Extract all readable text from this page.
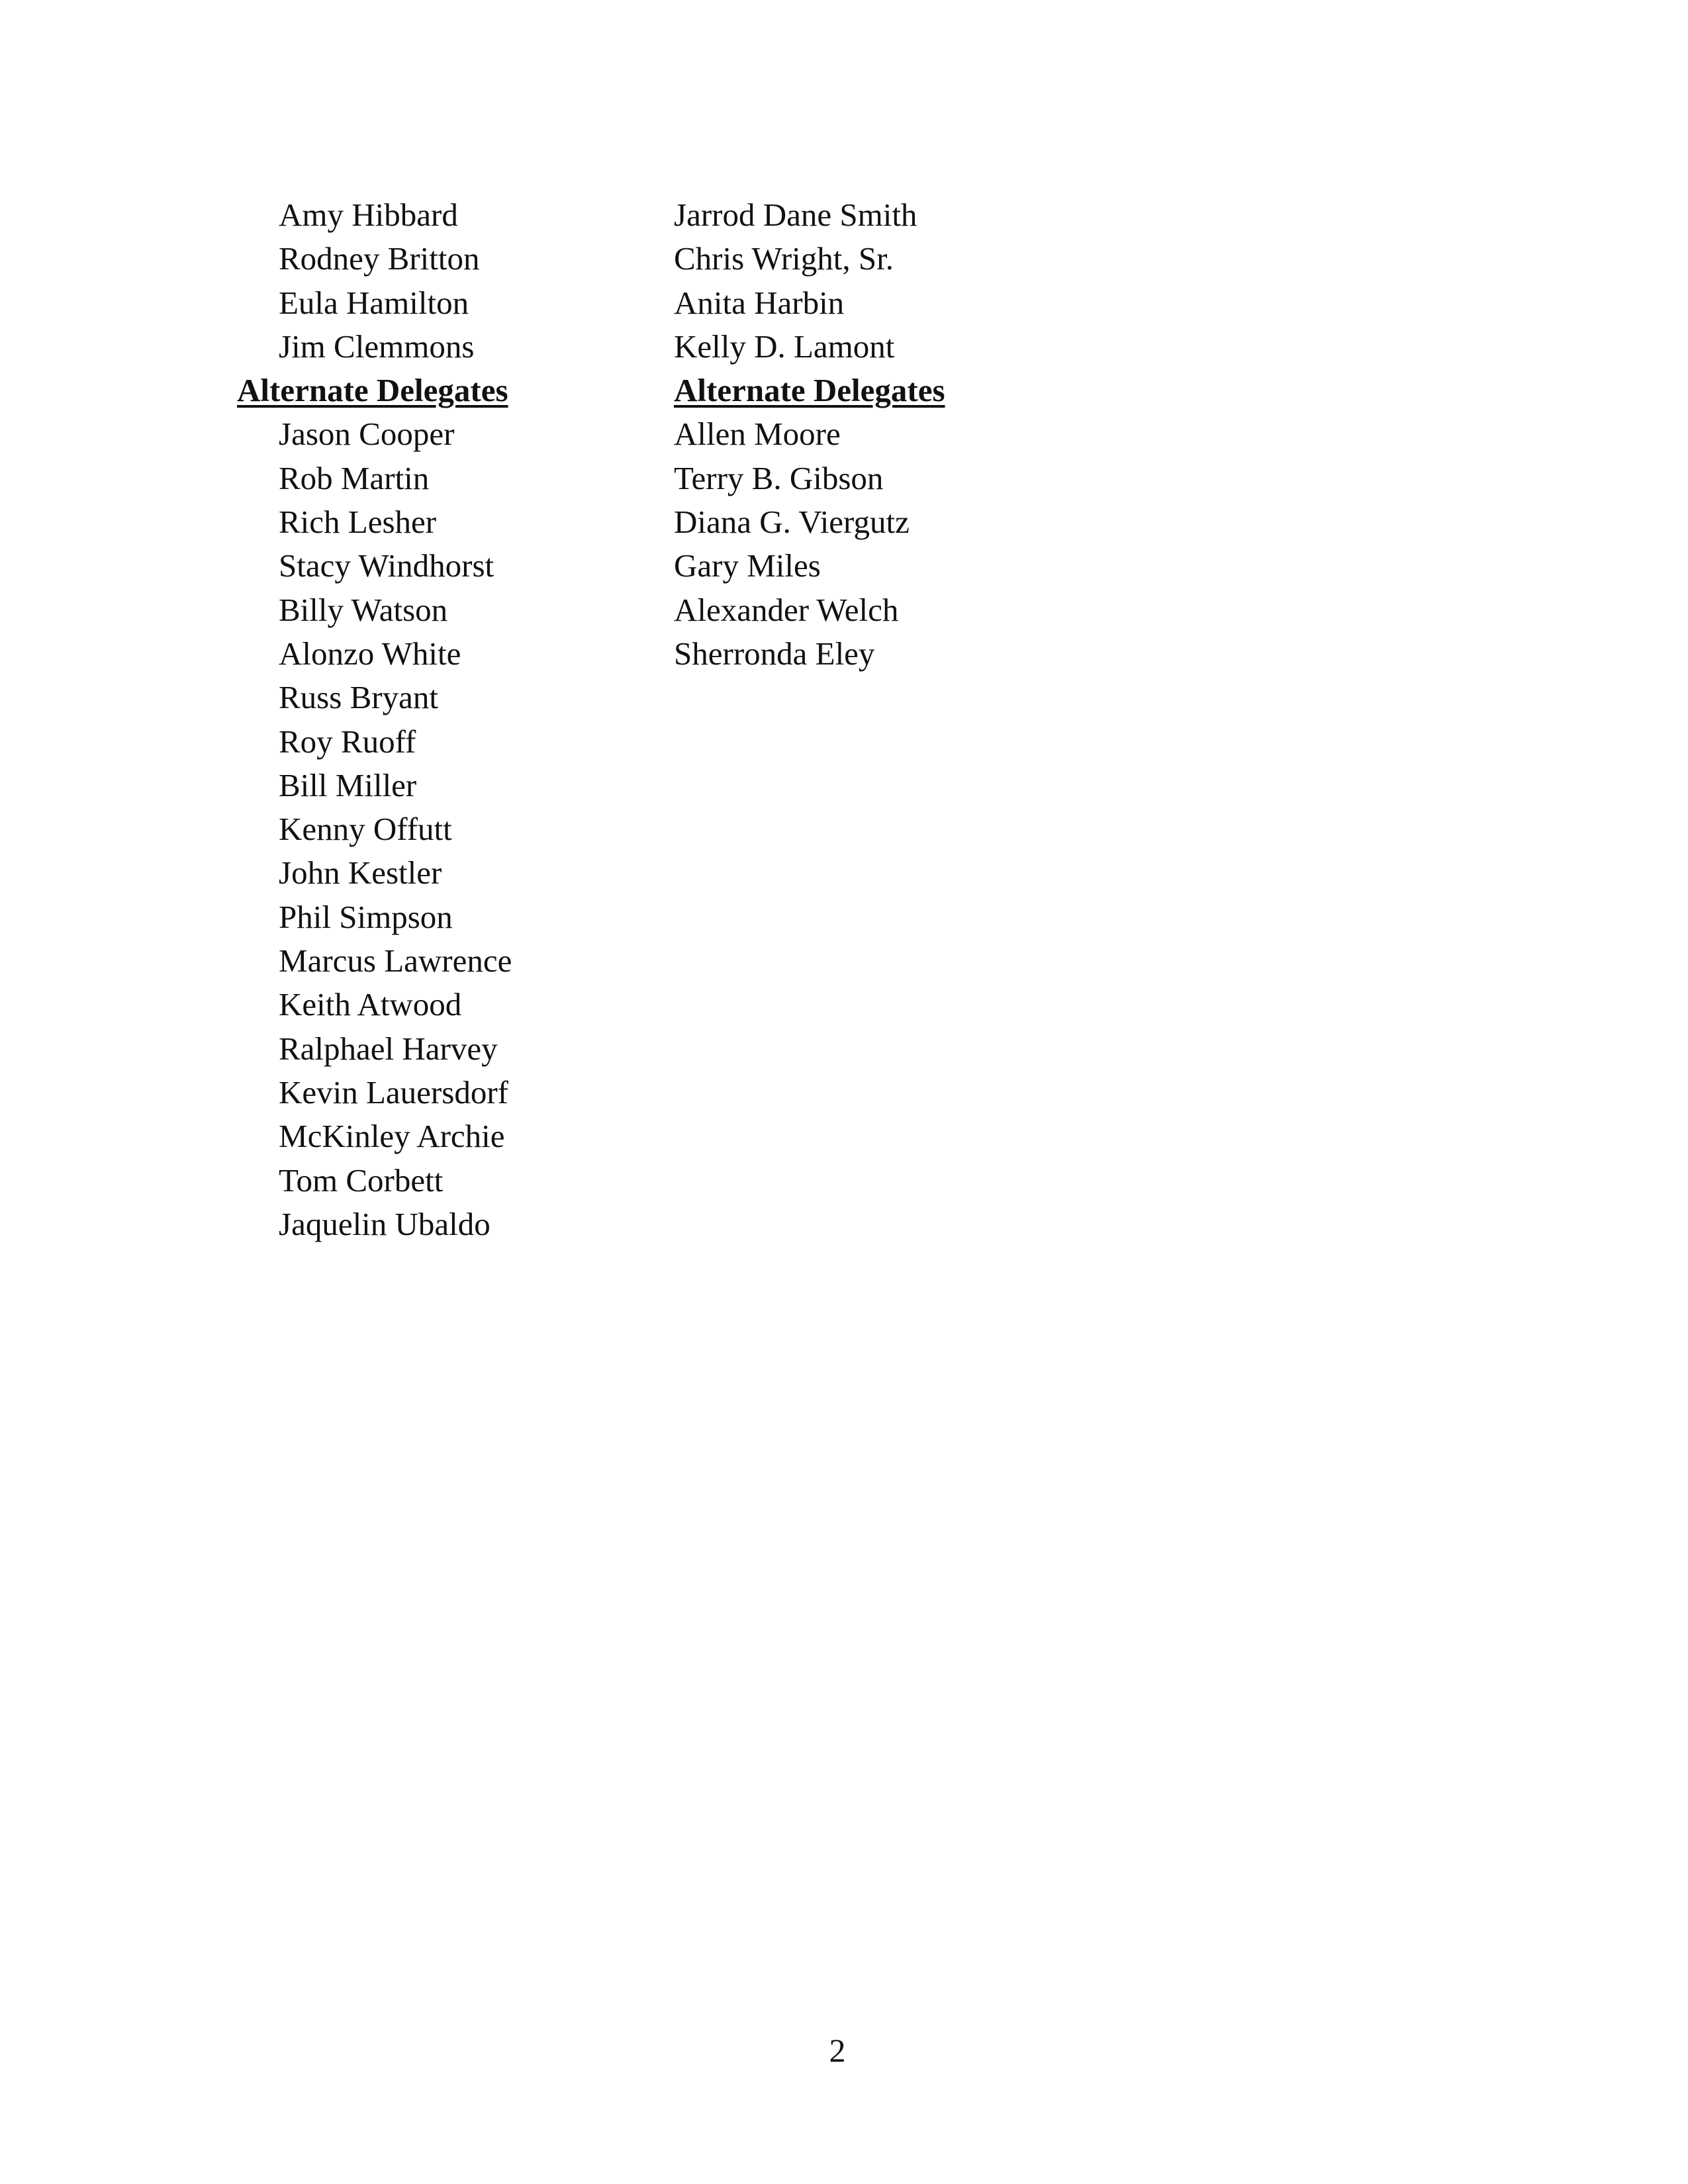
Amy Hibbard
Rodney Britton
Eula Hamilton
Jim Clemmons
Alternate Delegates
Jason Cooper
Rob Martin
Rich Lesher
Stacy Windhorst
Billy Watson
Alonzo White
Russ Bryant
Roy Ruoff
Bill Miller
Kenny Offutt
John Kestler
Phil Simpson
Marcus Lawrence
Keith Atwood
Ralphael Harvey
Kevin Lauersdorf
McKinley Archie
Tom Corbett
Jaquelin Ubaldo
Jarrod Dane Smith
Chris Wright, Sr.
Anita Harbin
Kelly D. Lamont
Alternate Delegates
Allen Moore
Terry B. Gibson
Diana G. Viergutz
Gary Miles
Alexander Welch
Sherronda Eley
2
